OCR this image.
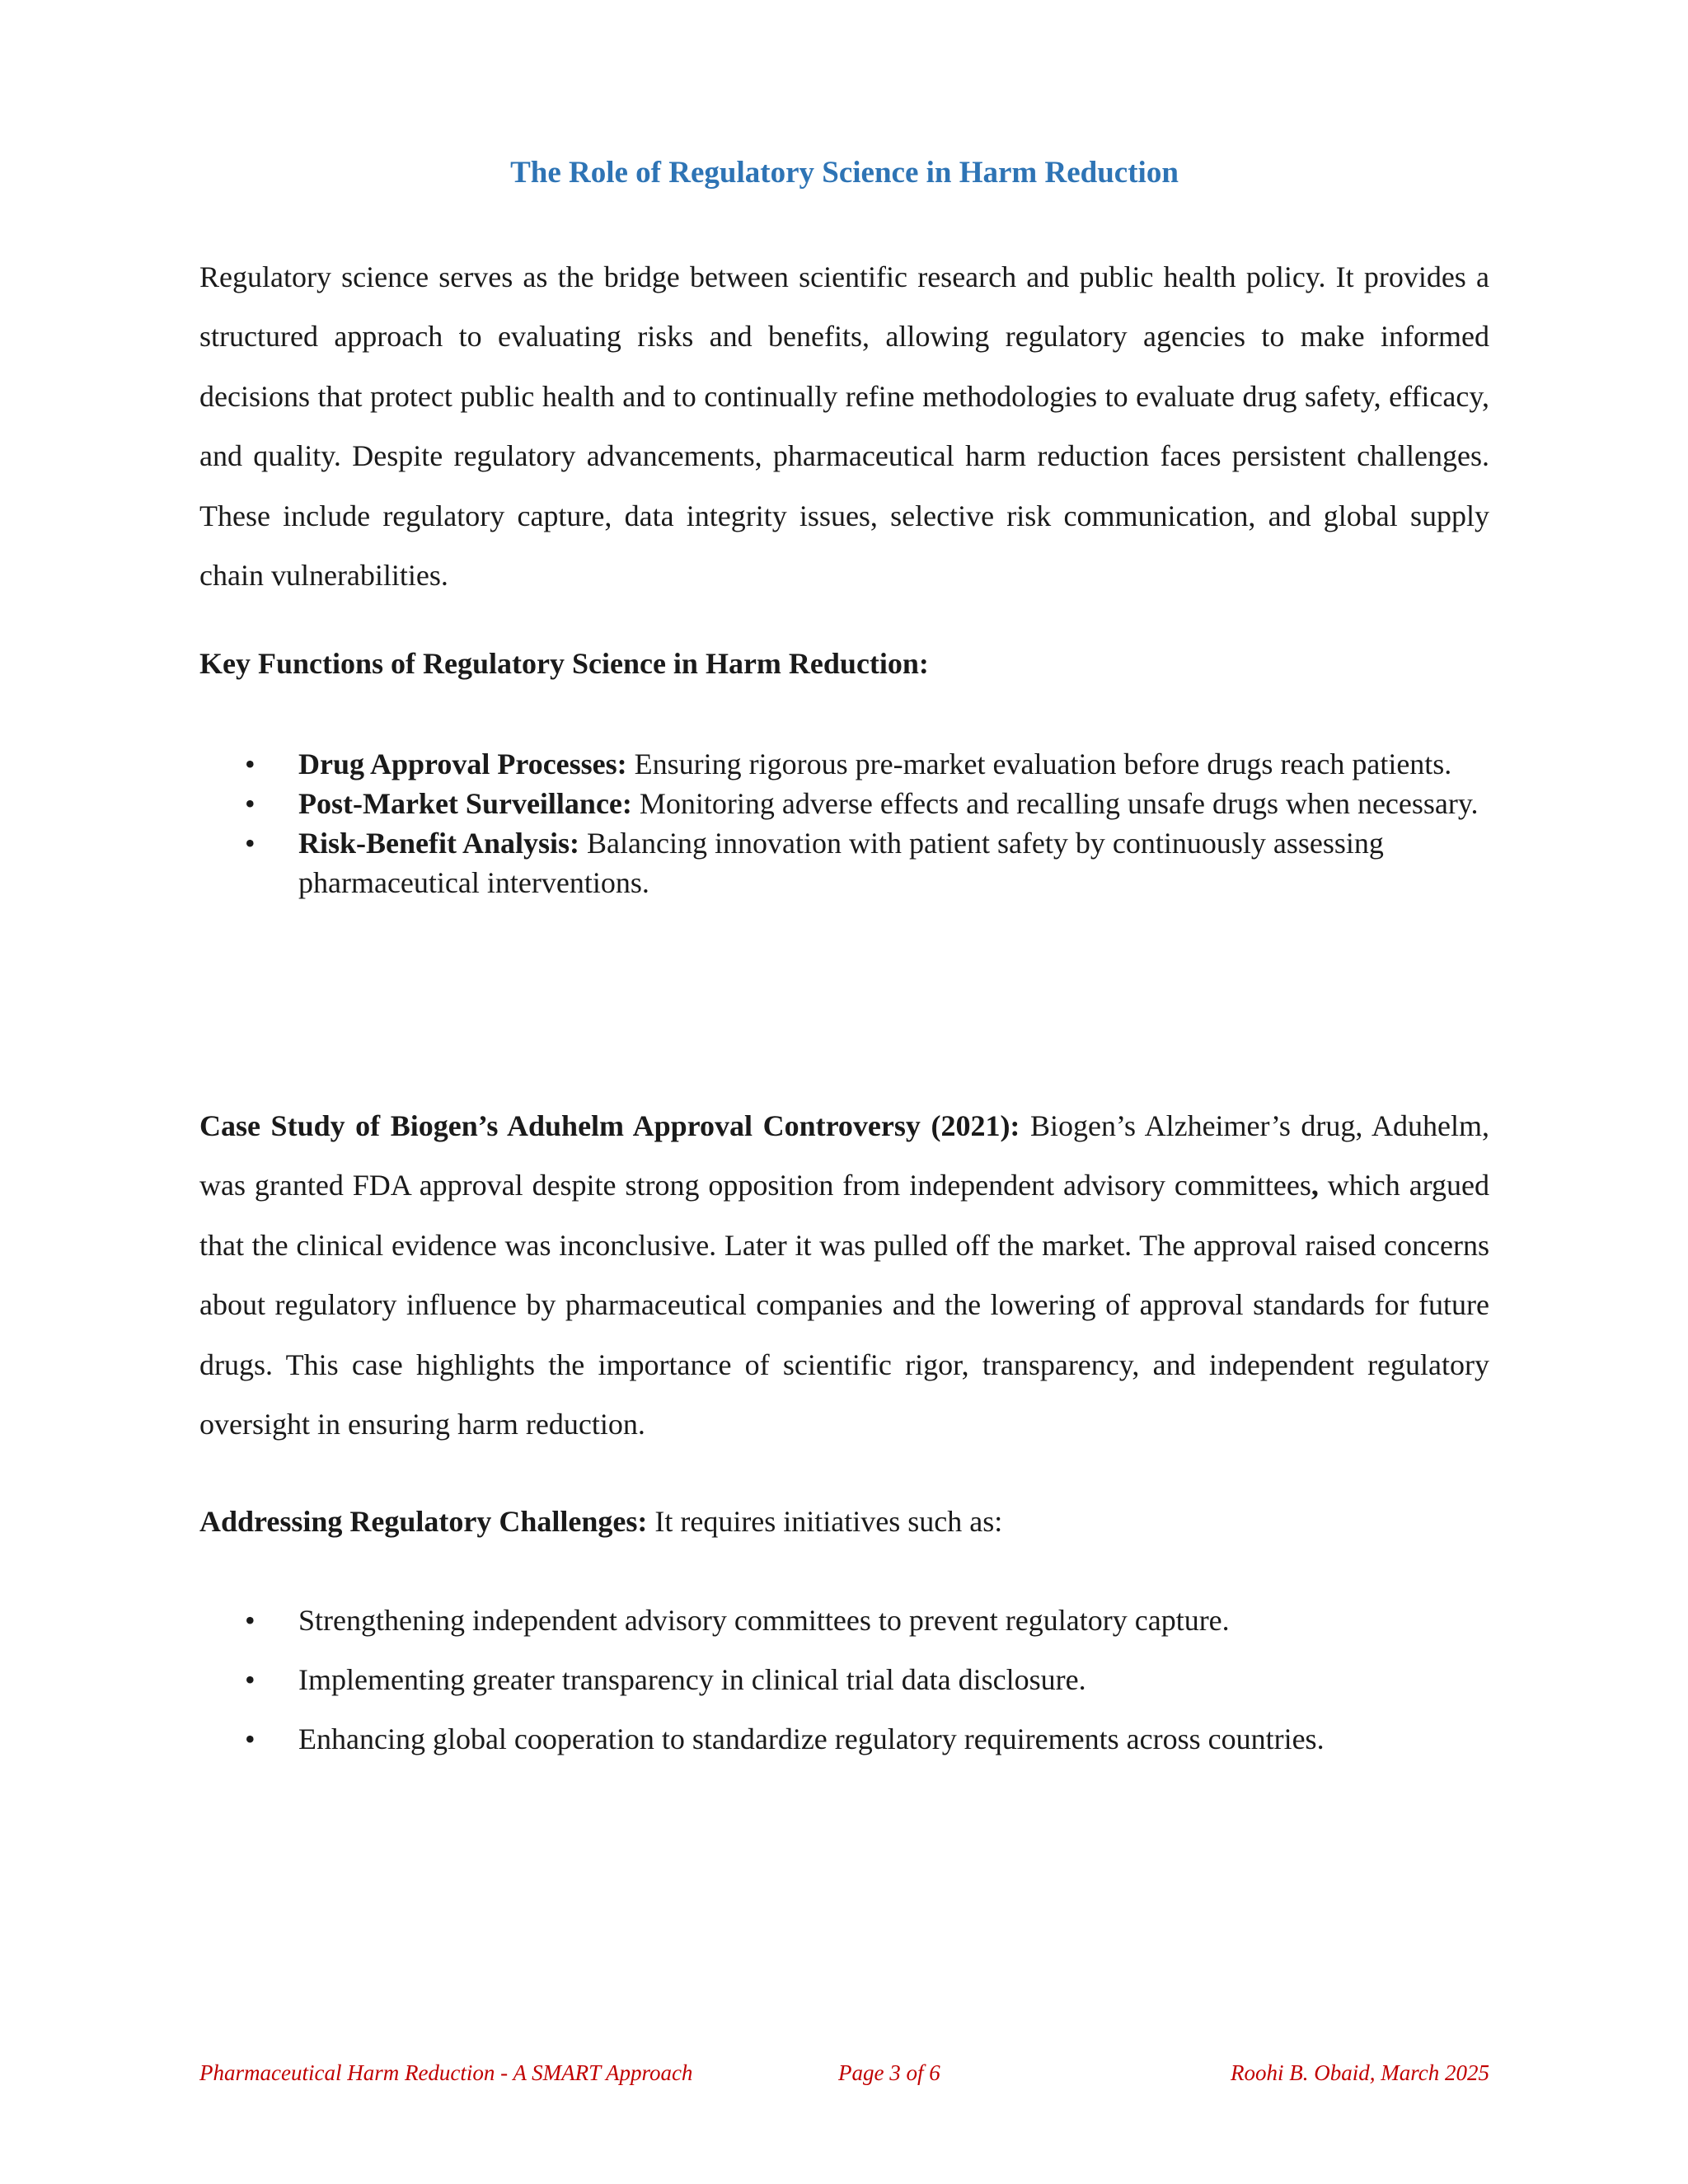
The Role of Regulatory Science in Harm Reduction

Regulatory science serves as the bridge between scientific research and public health policy. It provides a structured approach to evaluating risks and benefits, allowing regulatory agencies to make informed decisions that protect public health and to continually refine methodologies to evaluate drug safety, efficacy, and quality. Despite regulatory advancements, pharmaceutical harm reduction faces persistent challenges. These include regulatory capture, data integrity issues, selective risk communication, and global supply chain vulnerabilities.

Key Functions of Regulatory Science in Harm Reduction:

• Drug Approval Processes: Ensuring rigorous pre-market evaluation before drugs reach patients.
• Post-Market Surveillance: Monitoring adverse effects and recalling unsafe drugs when necessary.
• Risk-Benefit Analysis: Balancing innovation with patient safety by continuously assessing pharmaceutical interventions.

Case Study of Biogen’s Aduhelm Approval Controversy (2021): Biogen’s Alzheimer’s drug, Aduhelm, was granted FDA approval despite strong opposition from independent advisory committees, which argued that the clinical evidence was inconclusive. Later it was pulled off the market. The approval raised concerns about regulatory influence by pharmaceutical companies and the lowering of approval standards for future drugs. This case highlights the importance of scientific rigor, transparency, and independent regulatory oversight in ensuring harm reduction.

Addressing Regulatory Challenges: It requires initiatives such as:

• Strengthening independent advisory committees to prevent regulatory capture.
• Implementing greater transparency in clinical trial data disclosure.
• Enhancing global cooperation to standardize regulatory requirements across countries.
Pharmaceutical Harm Reduction - A SMART Approach	Page 3 of 6	Roohi B. Obaid, March 2025
